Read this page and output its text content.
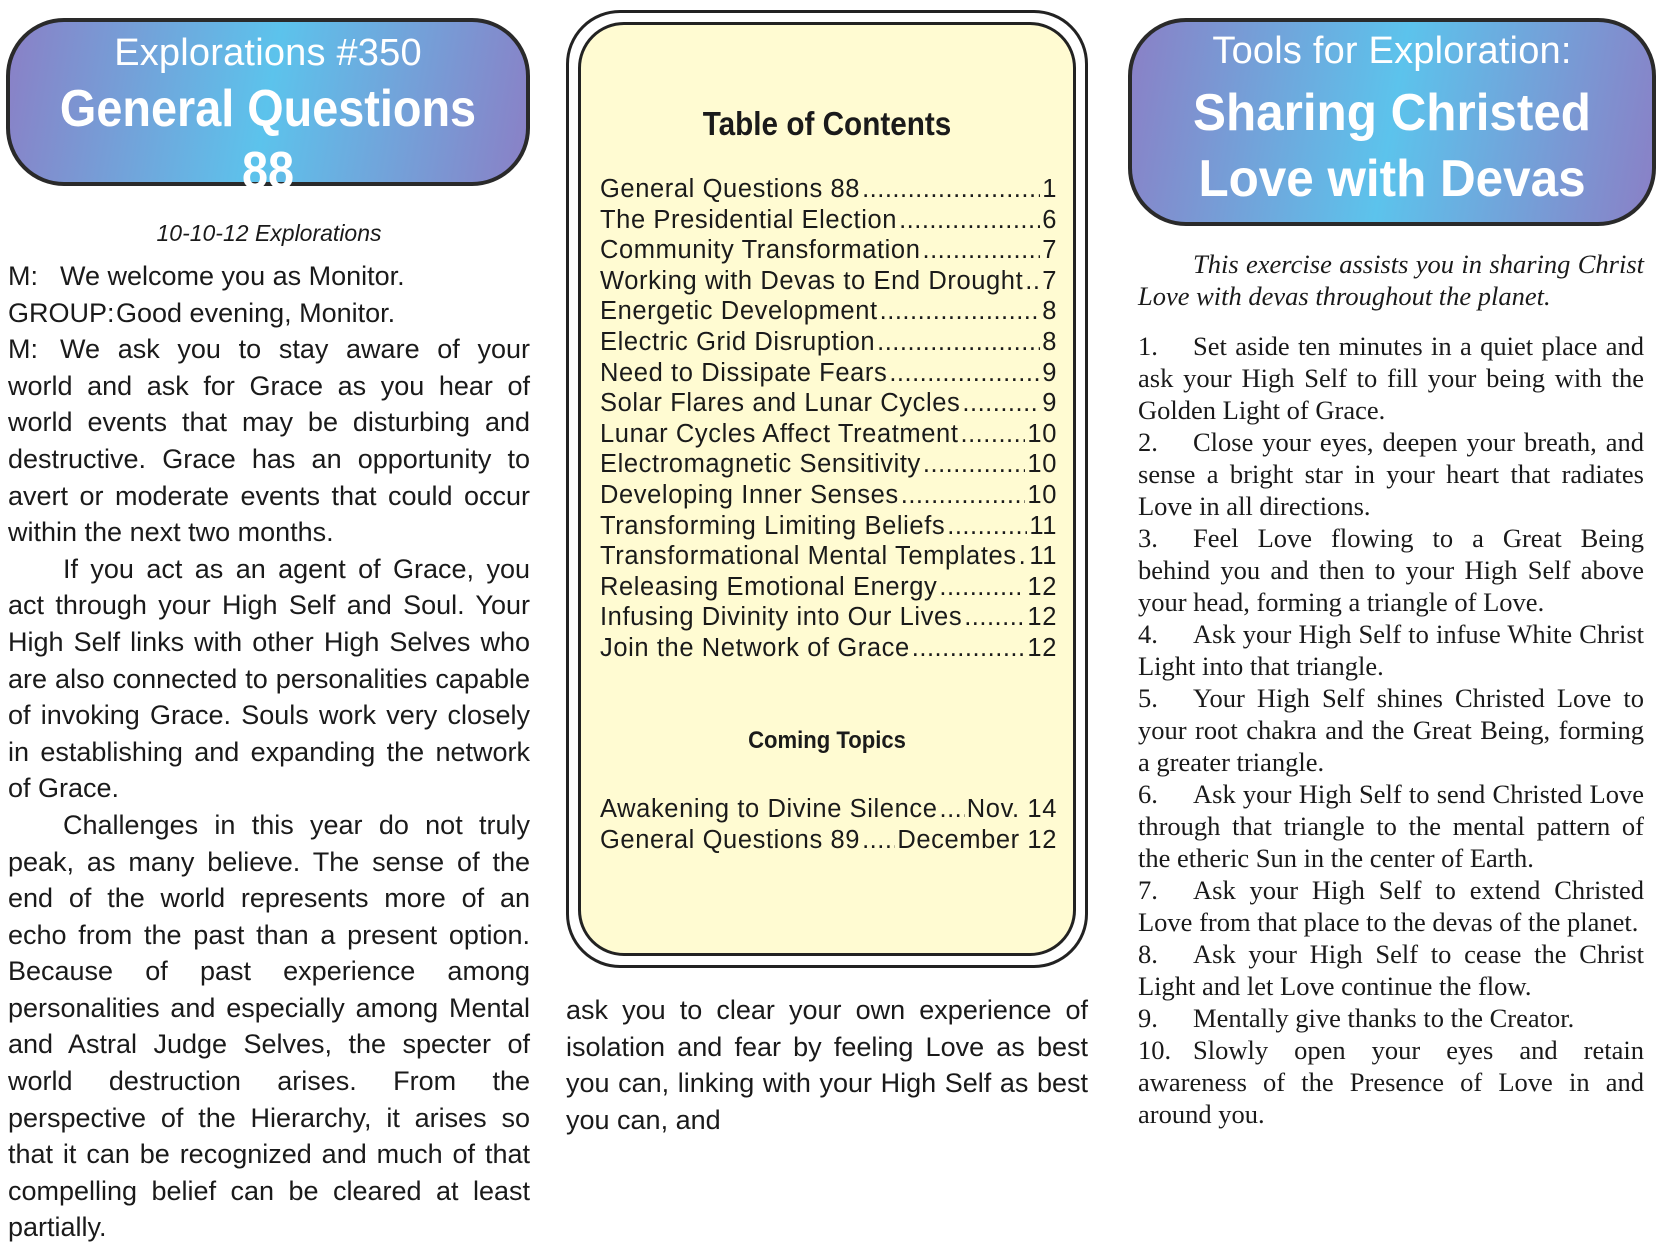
Explorations #350
General Questions 88
10-10-12 Explorations

M: We welcome you as Monitor.

GROUP:Good evening, Monitor.

M: We ask you to stay aware of your world and ask for Grace as you hear of world events that may be disturbing and destructive. Grace has an opportunity to avert or moderate events that could occur within the next two months.

If you act as an agent of Grace, you act through your High Self and Soul. Your High Self links with other High Selves who are also connected to personalities capable of invoking Grace. Souls work very closely in establishing and expanding the network of Grace.

Challenges in this year do not truly peak, as many believe. The sense of the end of the world represents more of an echo from the past than a present option. Because of past experience among personalities and especially among Mental and Astral Judge Selves, the specter of world destruction arises. From the perspective of the Hierarchy, it arises so that it can be recognized and much of that compelling belief can be cleared at least partially.

Table of Contents
General Questions 88 .....	1
The Presidential Election .....	6
Community Transformation .....	7
Working with Devas to End Drought ..... 7
Energetic Development .....	8
Electric Grid Disruption .....	8
Need to Dissipate Fears .....	9
Solar Flares and Lunar Cycles .....	9
Lunar Cycles Affect Treatment .....	10
Electromagnetic Sensitivity .....	10
Developing Inner Senses .....	10
Transforming Limiting Beliefs .....	11
Transformational Mental Templates ..... 11
Releasing Emotional Energy .....	12
Infusing Divinity into Our Lives .....	12
Join the Network of Grace .....	12
Coming Topics
Awakening to Divine Silence ..... Nov. 14
General Questions 89 ..... December 12

ask you to clear your own experience of isolation and fear by feeling Love as best you can, linking with your High Self as best you can, and

Tools for Exploration:
Sharing Christed
Love with Devas

This exercise assists you in sharing Christ Love with devas throughout the planet.

1. Set aside ten minutes in a quiet place and ask your High Self to fill your being with the Golden Light of Grace.
2. Close your eyes, deepen your breath, and sense a bright star in your heart that radiates Love in all directions.
3. Feel Love flowing to a Great Being behind you and then to your High Self above your head, forming a triangle of Love.
4. Ask your High Self to infuse White Christ Light into that triangle.
5. Your High Self shines Christed Love to your root chakra and the Great Being, forming a greater triangle.
6. Ask your High Self to send Christed Love through that triangle to the mental pattern of the etheric Sun in the center of Earth.
7. Ask your High Self to extend Christed Love from that place to the devas of the planet.
8. Ask your High Self to cease the Christ Light and let Love continue the flow.
9. Mentally give thanks to the Creator.
10. Slowly open your eyes and retain awareness of the Presence of Love in and around you.
